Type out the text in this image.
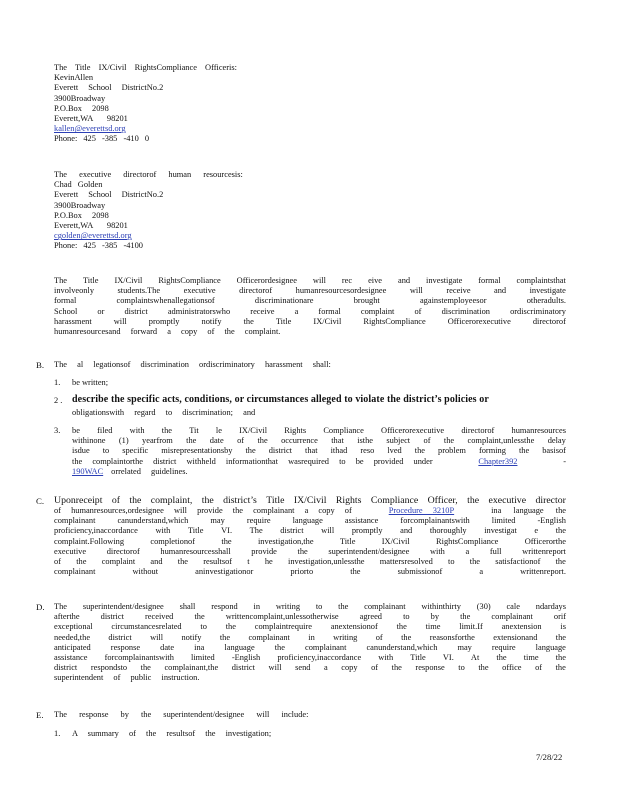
The Title IX/Civil RightsCompliance Officeris:
KevinAllen
Everett School DistrictNo.2
3900Broadway
P.O.Box 2098
Everett,WA 98201
kallen@everettsd.org
Phone: 425 -385 -410 0
The executive directorof human resourcesis:
Chad Golden
Everett School DistrictNo.2
3900Broadway
P.O.Box 2098
Everett,WA 98201
cgolden@everettsd.org
Phone: 425 -385 -4100
The Title IX/Civil RightsCompliance Officerordesignee will rec eive and investigate formal complaintsthat
involveonly	students.The	executive	directorof	humanresourcesordesignee	will	receive	and	investigate
formal	complaintswhenallegationsof	discriminationare	brought	againstemployeesor	otheradults.
School or district administratorswho receive a formal complaint of discrimination ordiscriminatory
harassment	will	promptly	notify	the	Title	IX/Civil	RightsCompliance	Officerorexecutive	directorof
humanresourcesand forward a copy of the complaint.
B. The al legationsof discrimination ordiscriminatory harassment shall:
1. be written;
2 . describe the specific acts, conditions, or circumstances alleged to violate the district’s policies or
obligationswith regard to discrimination; and
3. be filed with the Tit le IX/Civil Rights Compliance Officerorexecutive directorof humanresources
withinone (1) yearfrom the date of the occurrence that isthe subject of the complaint,unlessthe delay
isdue to specific misrepresentationsby the district that ithad reso lved the problem forming the basisof
the complaintorthe district withheld informationthat wasrequired to be provided under	Chapter392	-
190WAC orrelated guidelines.
C. Uponreceipt of the complaint, the district’s Title IX/Civil Rights Compliance Officer, the executive director
of humanresources,ordesignee will provide the complainant a copy of	Procedure 3210P	ina language the
complainant	canunderstand,which	may	require	language	assistance	forcomplainantswith	limited	-English
proficiency,inaccordance with Title VI. The district will promptly and thoroughly investigat e the
complaint.Following	completionof	the	investigation,the	Title	IX/Civil	RightsCompliance	Officerorthe
executive directorof humanresourcesshall provide the superintendent/designee with a full writtenreport
of the complaint and the resultsof t he investigation,unlessthe mattersresolved to the satisfactionof the
complainant	without	aninvestigationor	priorto	the	submissionof	a	writtenreport.
D. The superintendent/designee shall respond in writing to the complainant withinthirty (30) cale ndardays
afterthe	district	received	the	writtencomplaint,unlessotherwise	agreed	to	by	the	complainant	orif
exceptional circumstancesrelated to the complaintrequire anextensionof the time limit.If anextension is
needed,the district will notify the complainant in writing of the reasonsforthe extensionand the
anticipated response date ina language the complainant canunderstand,which may require language
assistance forcomplainantswith limited -English proficiency,inaccordance with Title VI. At the time the
district respondsto the complainant,the district will send a copy of the response to the office of the
superintendent of public instruction.
E. The response by the superintendent/designee will include:
1. A summary of the resultsof the investigation;
7/28/22
